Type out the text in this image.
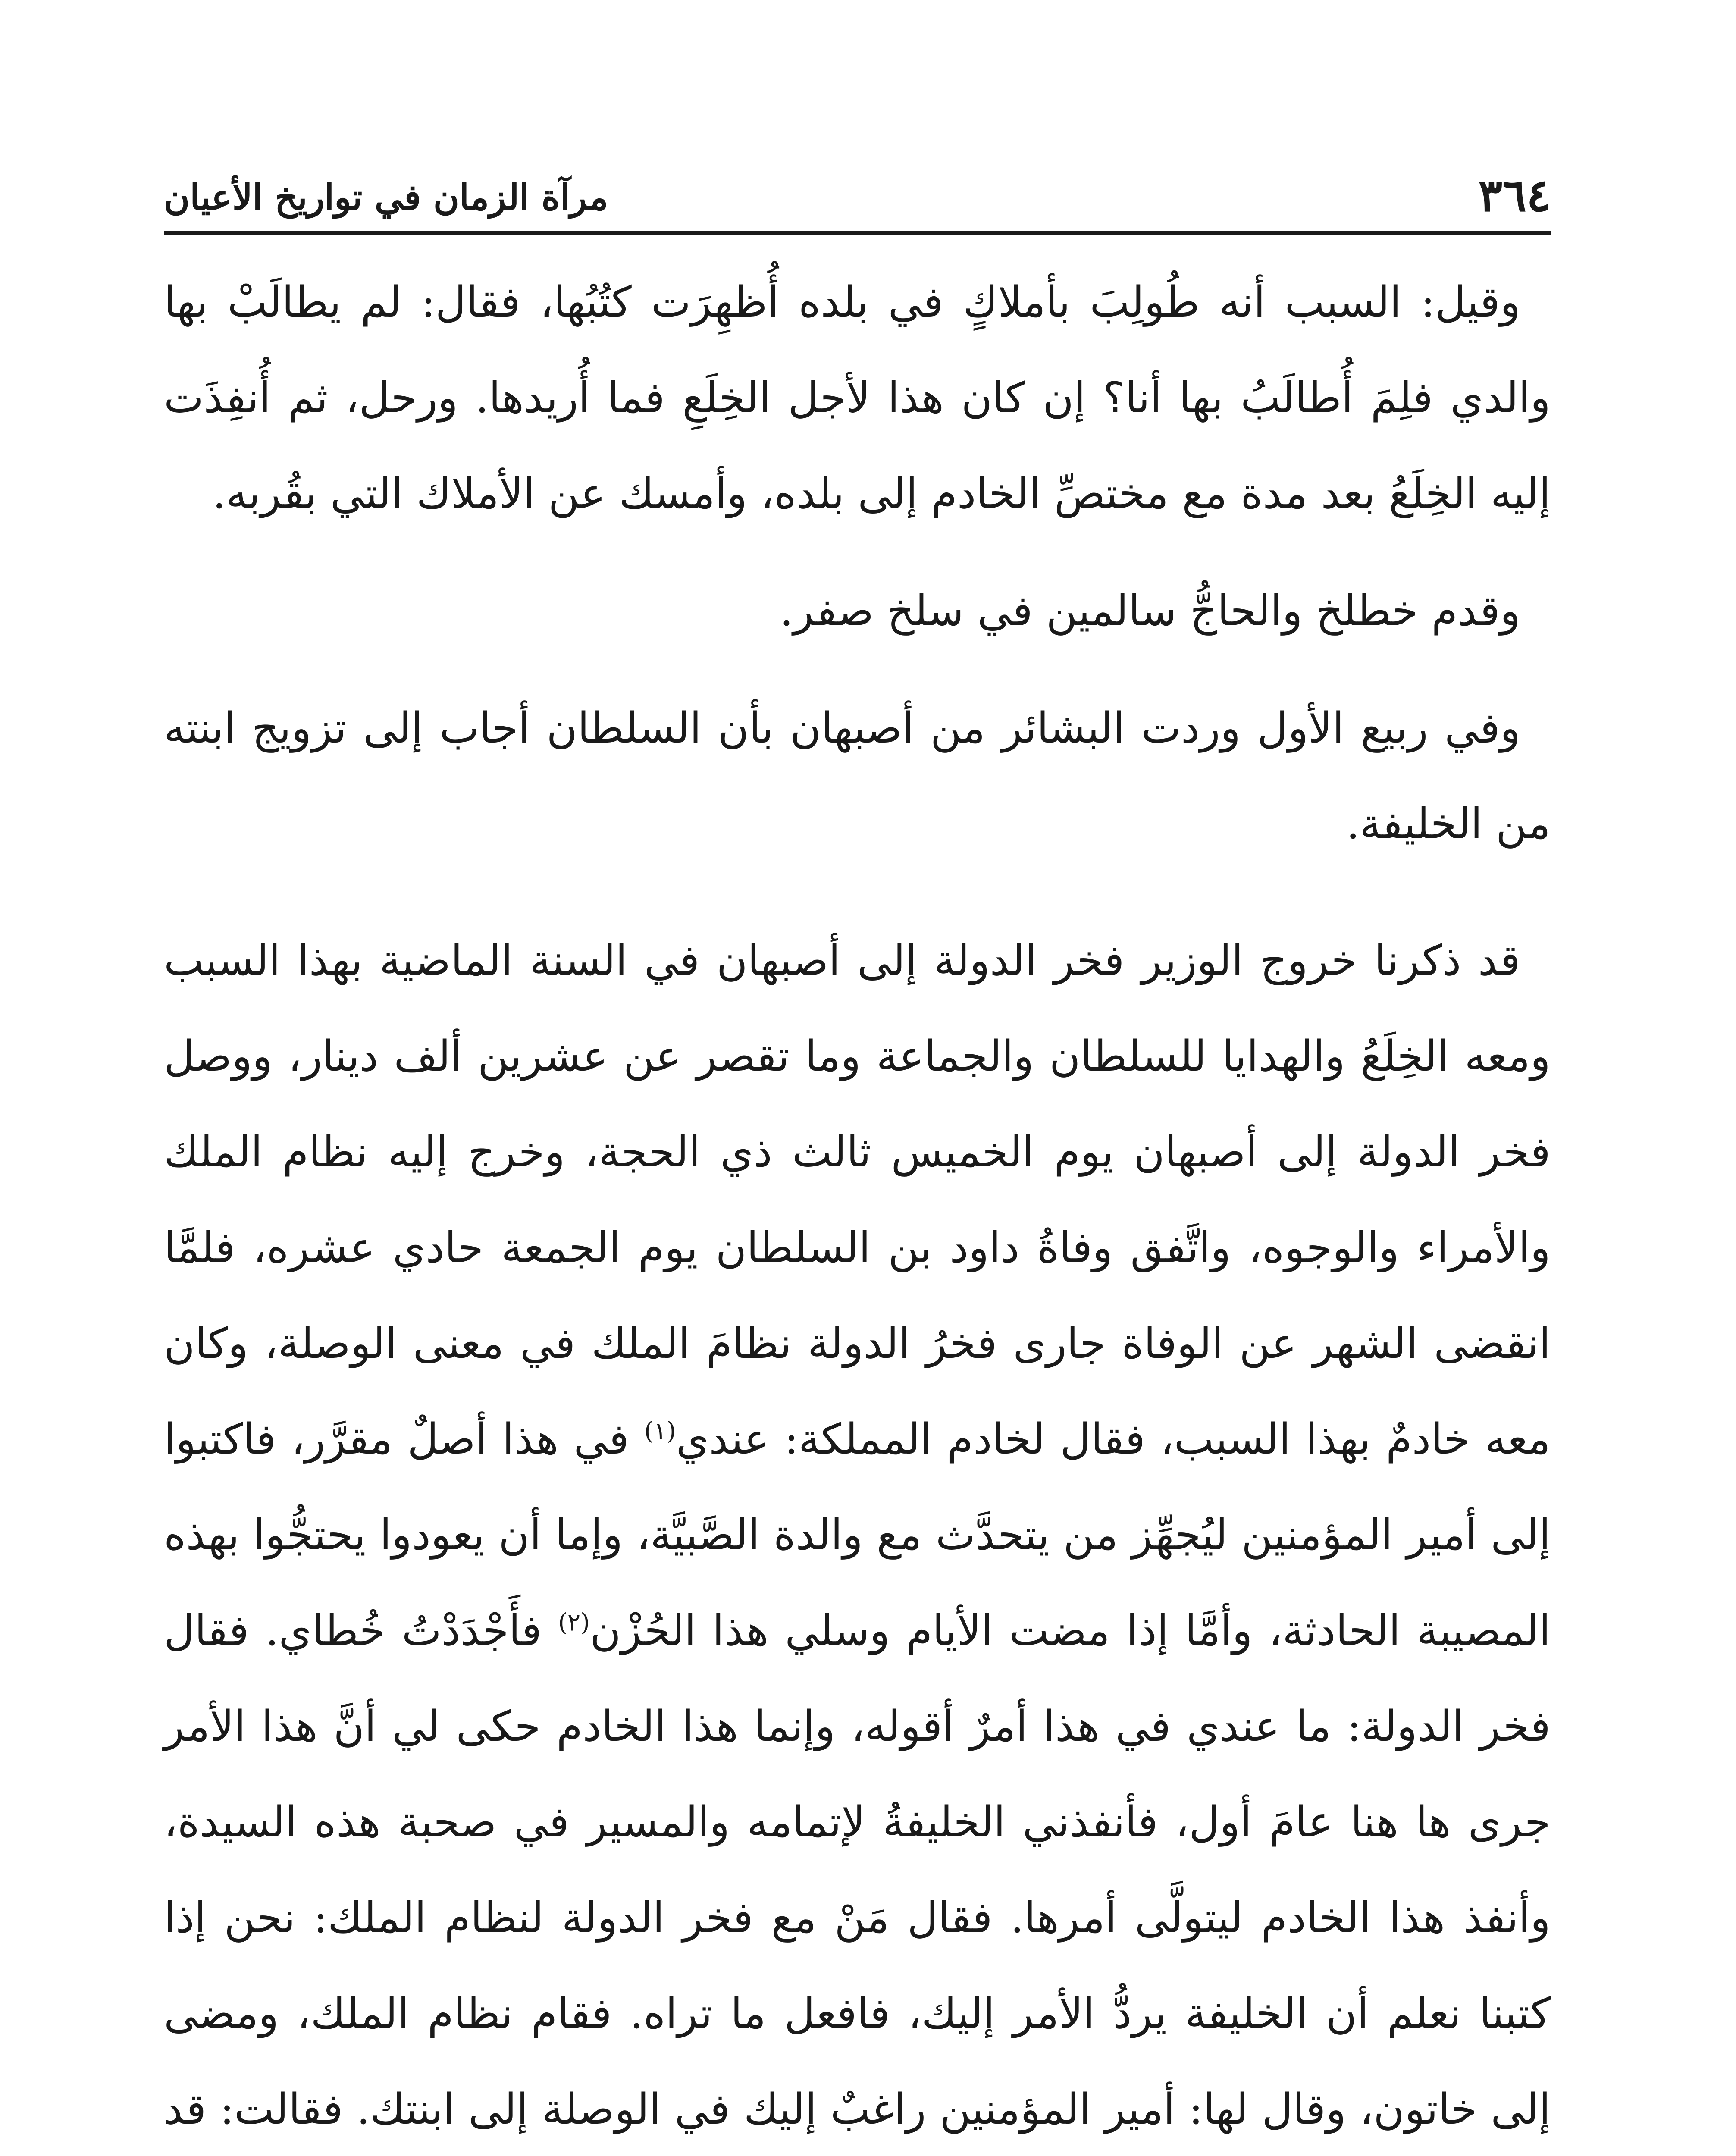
٣٦٤
مرآة الزمان في تواريخ الأعيان

وقيل: السبب أنه طُولِبَ بأملاكٍ في بلده أُظهِرَت كتُبُها، فقال: لم يطالَبْ بها والدي فلِمَ أُطالَبُ بها أنا؟ إن كان هذا لأجل الخِلَعِ فما أُريدها. ورحل، ثم أُنفِذَت إليه الخِلَعُ بعد مدة مع مختصِّ الخادم إلى بلده، وأمسك عن الأملاك التي بقُربه.

وقدم خطلخ والحاجُّ سالمين في سلخ صفر.

وفي ربيع الأول وردت البشائر من أصبهان بأن السلطان أجاب إلى تزويج ابنته من الخليفة.

قد ذكرنا خروج الوزير فخر الدولة إلى أصبهان في السنة الماضية بهذا السبب ومعه الخِلَعُ والهدايا للسلطان والجماعة وما تقصر عن عشرين ألف دينار، ووصل فخر الدولة إلى أصبهان يوم الخميس ثالث ذي الحجة، وخرج إليه نظام الملك والأمراء والوجوه، واتَّفق وفاةُ داود بن السلطان يوم الجمعة حادي عشره، فلمَّا انقضى الشهر عن الوفاة جارى فخرُ الدولة نظامَ الملك في معنى الوصلة، وكان معه خادمٌ بهذا السبب، فقال لخادم المملكة: عندي$^{(١)}$ في هذا أصلٌ مقرَّر، فاكتبوا إلى أمير المؤمنين ليُجهِّز من يتحدَّث مع والدة الصَّبيَّة، وإما أن يعودوا يحتجُّوا بهذه المصيبة الحادثة، وأمَّا إذا مضت الأيام وسلي هذا الحُزْن$^{(٢)}$ فأَجْدَدْتُ خُطاي. فقال فخر الدولة: ما عندي في هذا أمرٌ أقوله، وإنما هذا الخادم حكى لي أنَّ هذا الأمر جرى ها هنا عامَ أول، فأنفذني الخليفةُ لإتمامه والمسير في صحبة هذه السيدة، وأنفذ هذا الخادم ليتولَّى أمرها. فقال مَنْ مع فخر الدولة لنظام الملك: نحن إذا كتبنا نعلم أن الخليفة يردُّ الأمر إليك، فافعل ما تراه. فقام نظام الملك، ومضى إلى خاتون، وقال لها: أمير المؤمنين راغبٌ إليك في الوصلة إلى ابنتك. فقالت: قد
